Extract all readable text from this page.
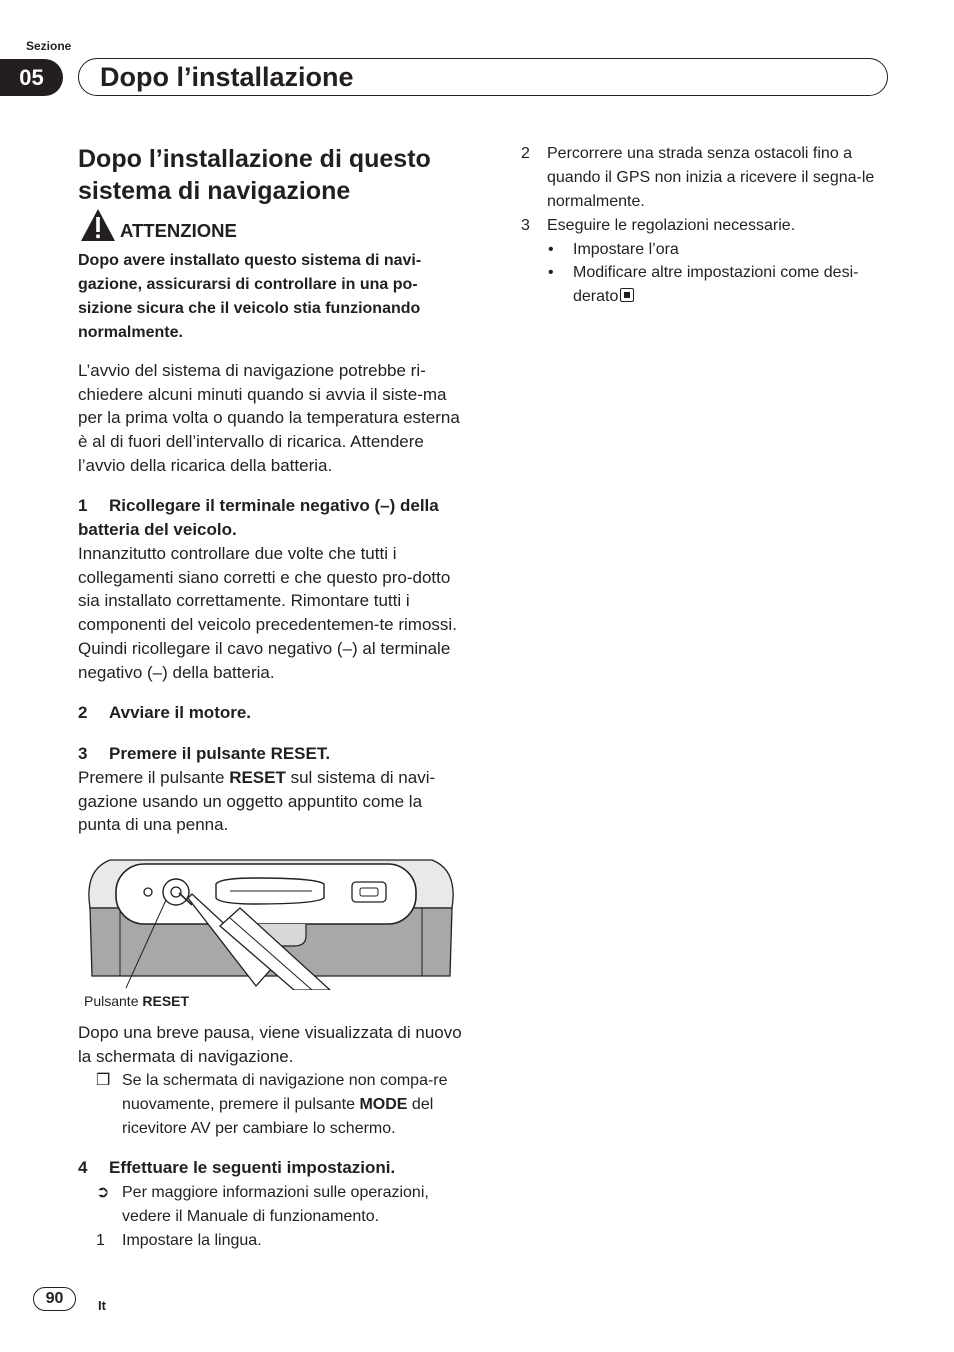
Sezione
05	Dopo l’installazione
Dopo l’installazione di questo sistema di navigazione
ATTENZIONE
Dopo avere installato questo sistema di navi-gazione, assicurarsi di controllare in una po-sizione sicura che il veicolo stia funzionando normalmente.
L’avvio del sistema di navigazione potrebbe ri-chiedere alcuni minuti quando si avvia il siste-ma per la prima volta o quando la temperatura esterna è al di fuori dell’intervallo di ricarica. Attendere l’avvio della ricarica della batteria.
1 Ricollegare il terminale negativo (–) della batteria del veicolo.
Innanzitutto controllare due volte che tutti i collegamenti siano corretti e che questo pro-dotto sia installato correttamente. Rimontare tutti i componenti del veicolo precedentemen-te rimossi. Quindi ricollegare il cavo negativo (–) al terminale negativo (–) della batteria.
2 Avviare il motore.
3 Premere il pulsante RESET.
Premere il pulsante RESET sul sistema di navi-gazione usando un oggetto appuntito come la punta di una penna.
Pulsante RESET
Dopo una breve pausa, viene visualizzata di nuovo la schermata di navigazione.
❒ Se la schermata di navigazione non compa-re nuovamente, premere il pulsante MODE del ricevitore AV per cambiare lo schermo.
4 Effettuare le seguenti impostazioni.
➲ Per maggiore informazioni sulle operazioni, vedere il Manuale di funzionamento.
1	Impostare la lingua.
2	Percorrere una strada senza ostacoli fino a quando il GPS non inizia a ricevere il segna-le normalmente.
3	Eseguire le regolazioni necessarie.
•	Impostare l’ora
•	Modificare altre impostazioni come desi-derato
90	It
